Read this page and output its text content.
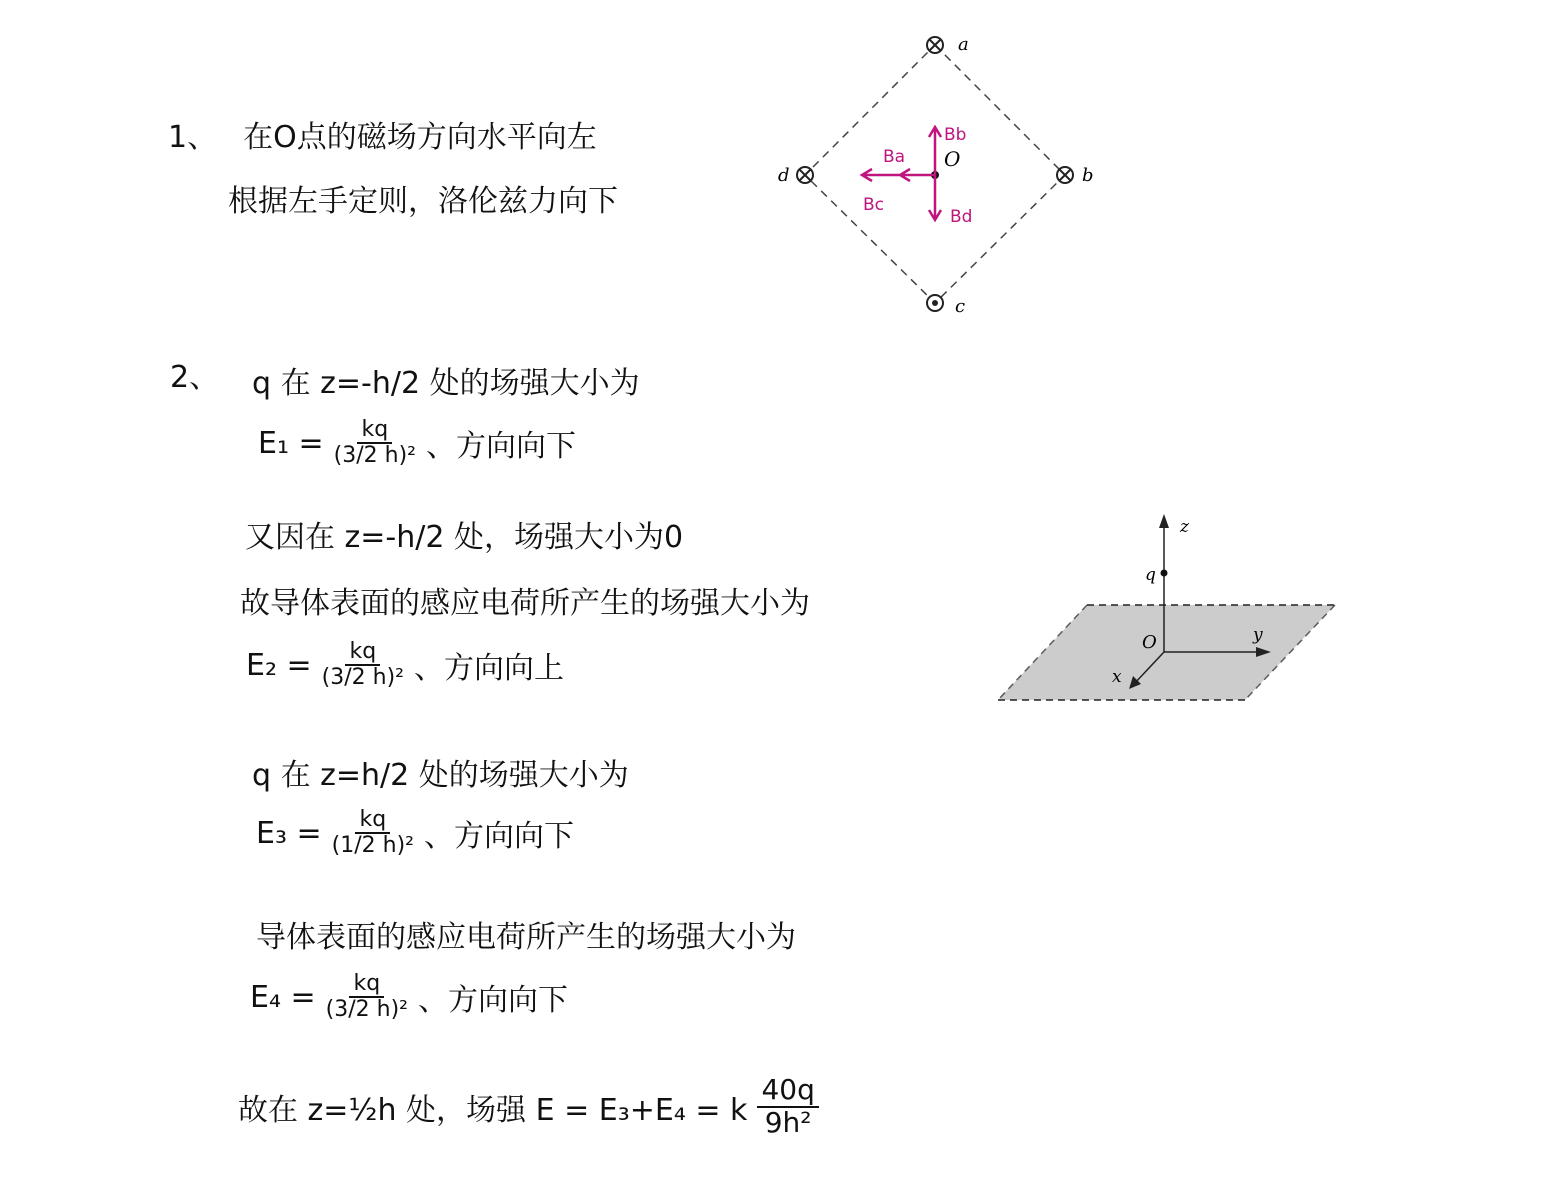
1、 在O点的磁场方向水平向左
根据左手定则，洛伦兹力向下
a
b
c
d
O
Ba
Bb
Bc
Bd
z
q
O	y
x
2、 q 在 z=-h/2 处的场强大小为
$E_1 = \frac{kq}{\text{(3/2 h)²}}$ 、方向向下
又因在 z=-h/2 处，场强大小为0
故导体表面的感应电荷所产生的场强大小为
$E_2 = \frac{kq}{\text{(3/2 h)²}}$ 、方向向上
q 在 z=h/2 处的场强大小为
$E_3 = \frac{kq}{\text{(1/2 h)²}}$ 、方向向下
导体表面的感应电荷所产生的场强大小为
$E_4 = \frac{kq}{\text{(3/2 h)²}}$ 、方向向下
故在 z=½h 处，场强 E = E₃+E₄ = k $\frac{40q}{\text{9h²}}$
